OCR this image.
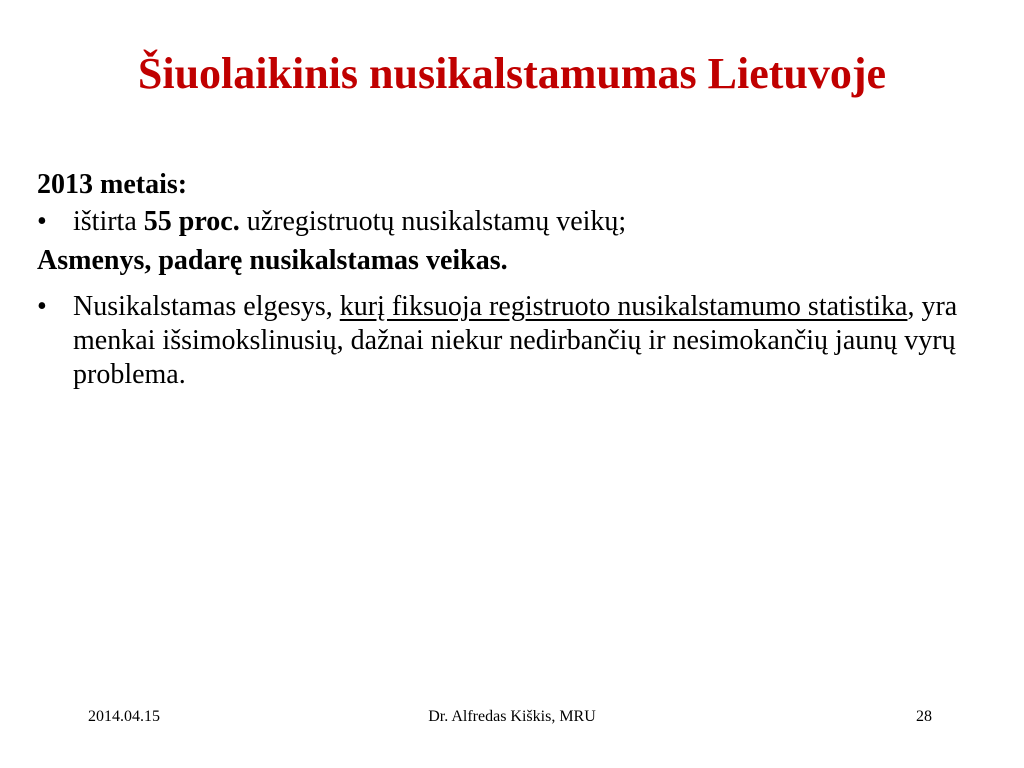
Šiuolaikinis nusikalstamumas Lietuvoje

2013 metais:

• ištirta 55 proc. užregistruotų nusikalstamų veikų;

Asmenys, padarę nusikalstamas veikas.

• Nusikalstamas elgesys, kurį fiksuoja registruoto nusikalstamumo statistika, yra menkai išsimokslinusių, dažnai niekur nedirbančių ir nesimokančių jaunų vyrų problema.

2014.04.15	Dr. Alfredas Kiškis, MRU	28
